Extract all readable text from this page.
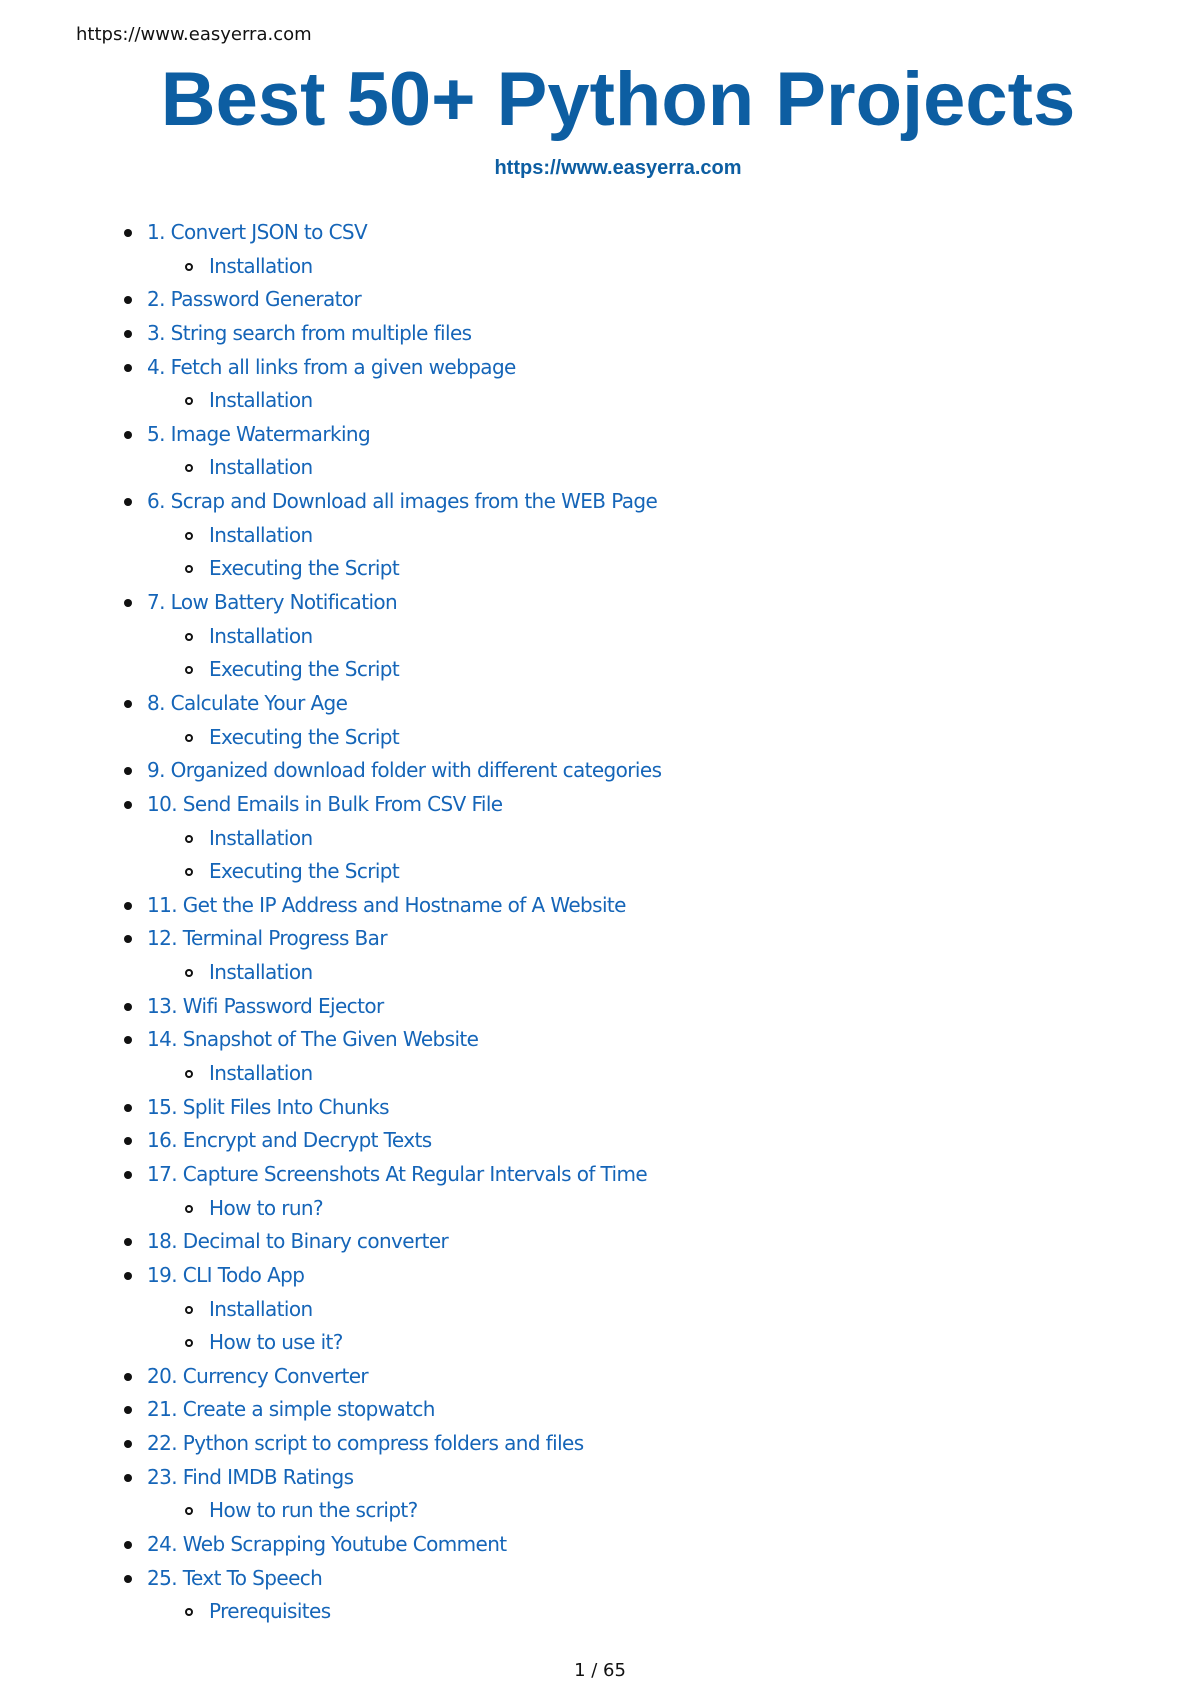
https://www.easyerra.com
Best 50+ Python Projects
https://www.easyerra.com
1. Convert JSON to CSV
Installation
2. Password Generator
3. String search from multiple files
4. Fetch all links from a given webpage
Installation
5. Image Watermarking
Installation
6. Scrap and Download all images from the WEB Page
Installation
Executing the Script
7. Low Battery Notification
Installation
Executing the Script
8. Calculate Your Age
Executing the Script
9. Organized download folder with different categories
10. Send Emails in Bulk From CSV File
Installation
Executing the Script
11. Get the IP Address and Hostname of A Website
12. Terminal Progress Bar
Installation
13. Wifi Password Ejector
14. Snapshot of The Given Website
Installation
15. Split Files Into Chunks
16. Encrypt and Decrypt Texts
17. Capture Screenshots At Regular Intervals of Time
How to run?
18. Decimal to Binary converter
19. CLI Todo App
Installation
How to use it?
20. Currency Converter
21. Create a simple stopwatch
22. Python script to compress folders and files
23. Find IMDB Ratings
How to run the script?
24. Web Scrapping Youtube Comment
25. Text To Speech
Prerequisites
1 / 65
